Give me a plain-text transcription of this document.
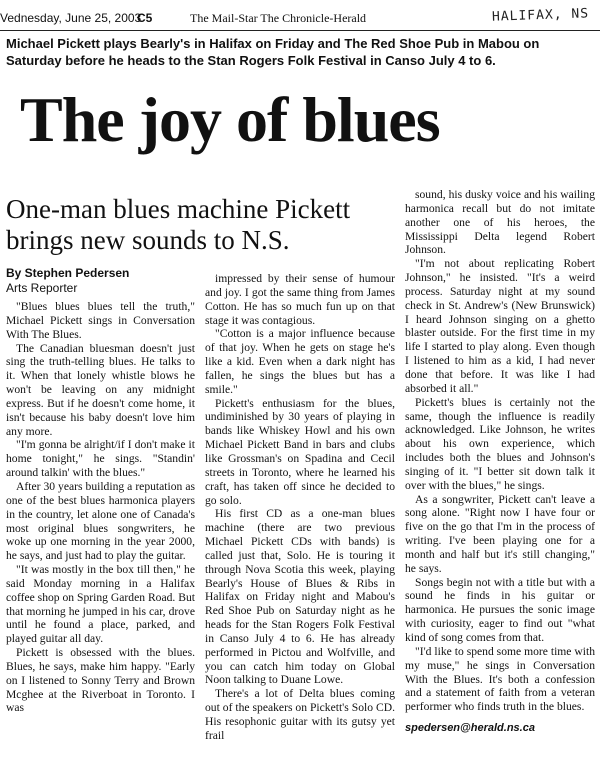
Vednesday, June 25, 2003
C5	The Mail-Star The Chronicle-Herald	HALIFAX, NS
Michael Pickett plays Bearly's in Halifax on Friday and The Red Shoe Pub in Mabou on Saturday before he heads to the Stan Rogers Folk Festival in Canso July 4 to 6.
The joy of blues
One-man blues machine Pickett brings new sounds to N.S.
By Stephen Pedersen
Arts Reporter

"Blues blues blues tell the truth," Michael Pickett sings in Conversation With The Blues.

The Canadian bluesman doesn't just sing the truth-telling blues. He talks to it. When that lonely whistle blows he won't be leaving on any midnight express. But if he doesn't come home, it isn't because his baby doesn't love him any more.

"I'm gonna be alright/if I don't make it home tonight," he sings. "Standin' around talkin' with the blues."

After 30 years building a reputation as one of the best blues harmonica players in the country, let alone one of Canada's most original blues songwriters, he woke up one morning in the year 2000, he says, and just had to play the guitar.

"It was mostly in the box till then," he said Monday morning in a Halifax coffee shop on Spring Garden Road. But that morning he jumped in his car, drove until he found a place, parked, and played guitar all day.

Pickett is obsessed with the blues. Blues, he says, make him happy. "Early on I listened to Sonny Terry and Brown Mcghee at the Riverboat in Toronto. I was

impressed by their sense of humour and joy. I got the same thing from James Cotton. He has so much fun up on that stage it was contagious.

"Cotton is a major influence because of that joy. When he gets on stage he's like a kid. Even when a dark night has fallen, he sings the blues but has a smile."

Pickett's enthusiasm for the blues, undiminished by 30 years of playing in bands like Whiskey Howl and his own Michael Pickett Band in bars and clubs like Grossman's on Spadina and Cecil streets in Toronto, where he learned his craft, has taken off since he decided to go solo.

His first CD as a one-man blues machine (there are two previous Michael Pickett CDs with bands) is called just that, Solo. He is touring it through Nova Scotia this week, playing Bearly's House of Blues & Ribs in Halifax on Friday night and Mabou's Red Shoe Pub on Saturday night as he heads for the Stan Rogers Folk Festival in Canso July 4 to 6. He has already performed in Pictou and Wolfville, and you can catch him today on Global Noon talking to Duane Lowe.

There's a lot of Delta blues coming out of the speakers on Pickett's Solo CD. His resophonic guitar with its gutsy yet frail

sound, his dusky voice and his wailing harmonica recall but do not imitate another one of his heroes, the Mississippi Delta legend Robert Johnson.

"I'm not about replicating Robert Johnson," he insisted. "It's a weird process. Saturday night at my sound check in St. Andrew's (New Brunswick) I heard Johnson singing on a ghetto blaster outside. For the first time in my life I started to play along. Even though I listened to him as a kid, I had never done that before. It was like I had absorbed it all."

Pickett's blues is certainly not the same, though the influence is readily acknowledged. Like Johnson, he writes about his own experience, which includes both the blues and Johnson's singing of it. "I better sit down talk it over with the blues," he sings.

As a songwriter, Pickett can't leave a song alone. "Right now I have four or five on the go that I'm in the process of writing. I've been playing one for a month and half but it's still changing," he says.

Songs begin not with a title but with a sound he finds in his guitar or harmonica. He pursues the sonic image with curiosity, eager to find out "what kind of song comes from that.

"I'd like to spend some more time with my muse," he sings in Conversation With the Blues. It's both a confession and a statement of faith from a veteran performer who finds truth in the blues.

spedersen@herald.ns.ca
